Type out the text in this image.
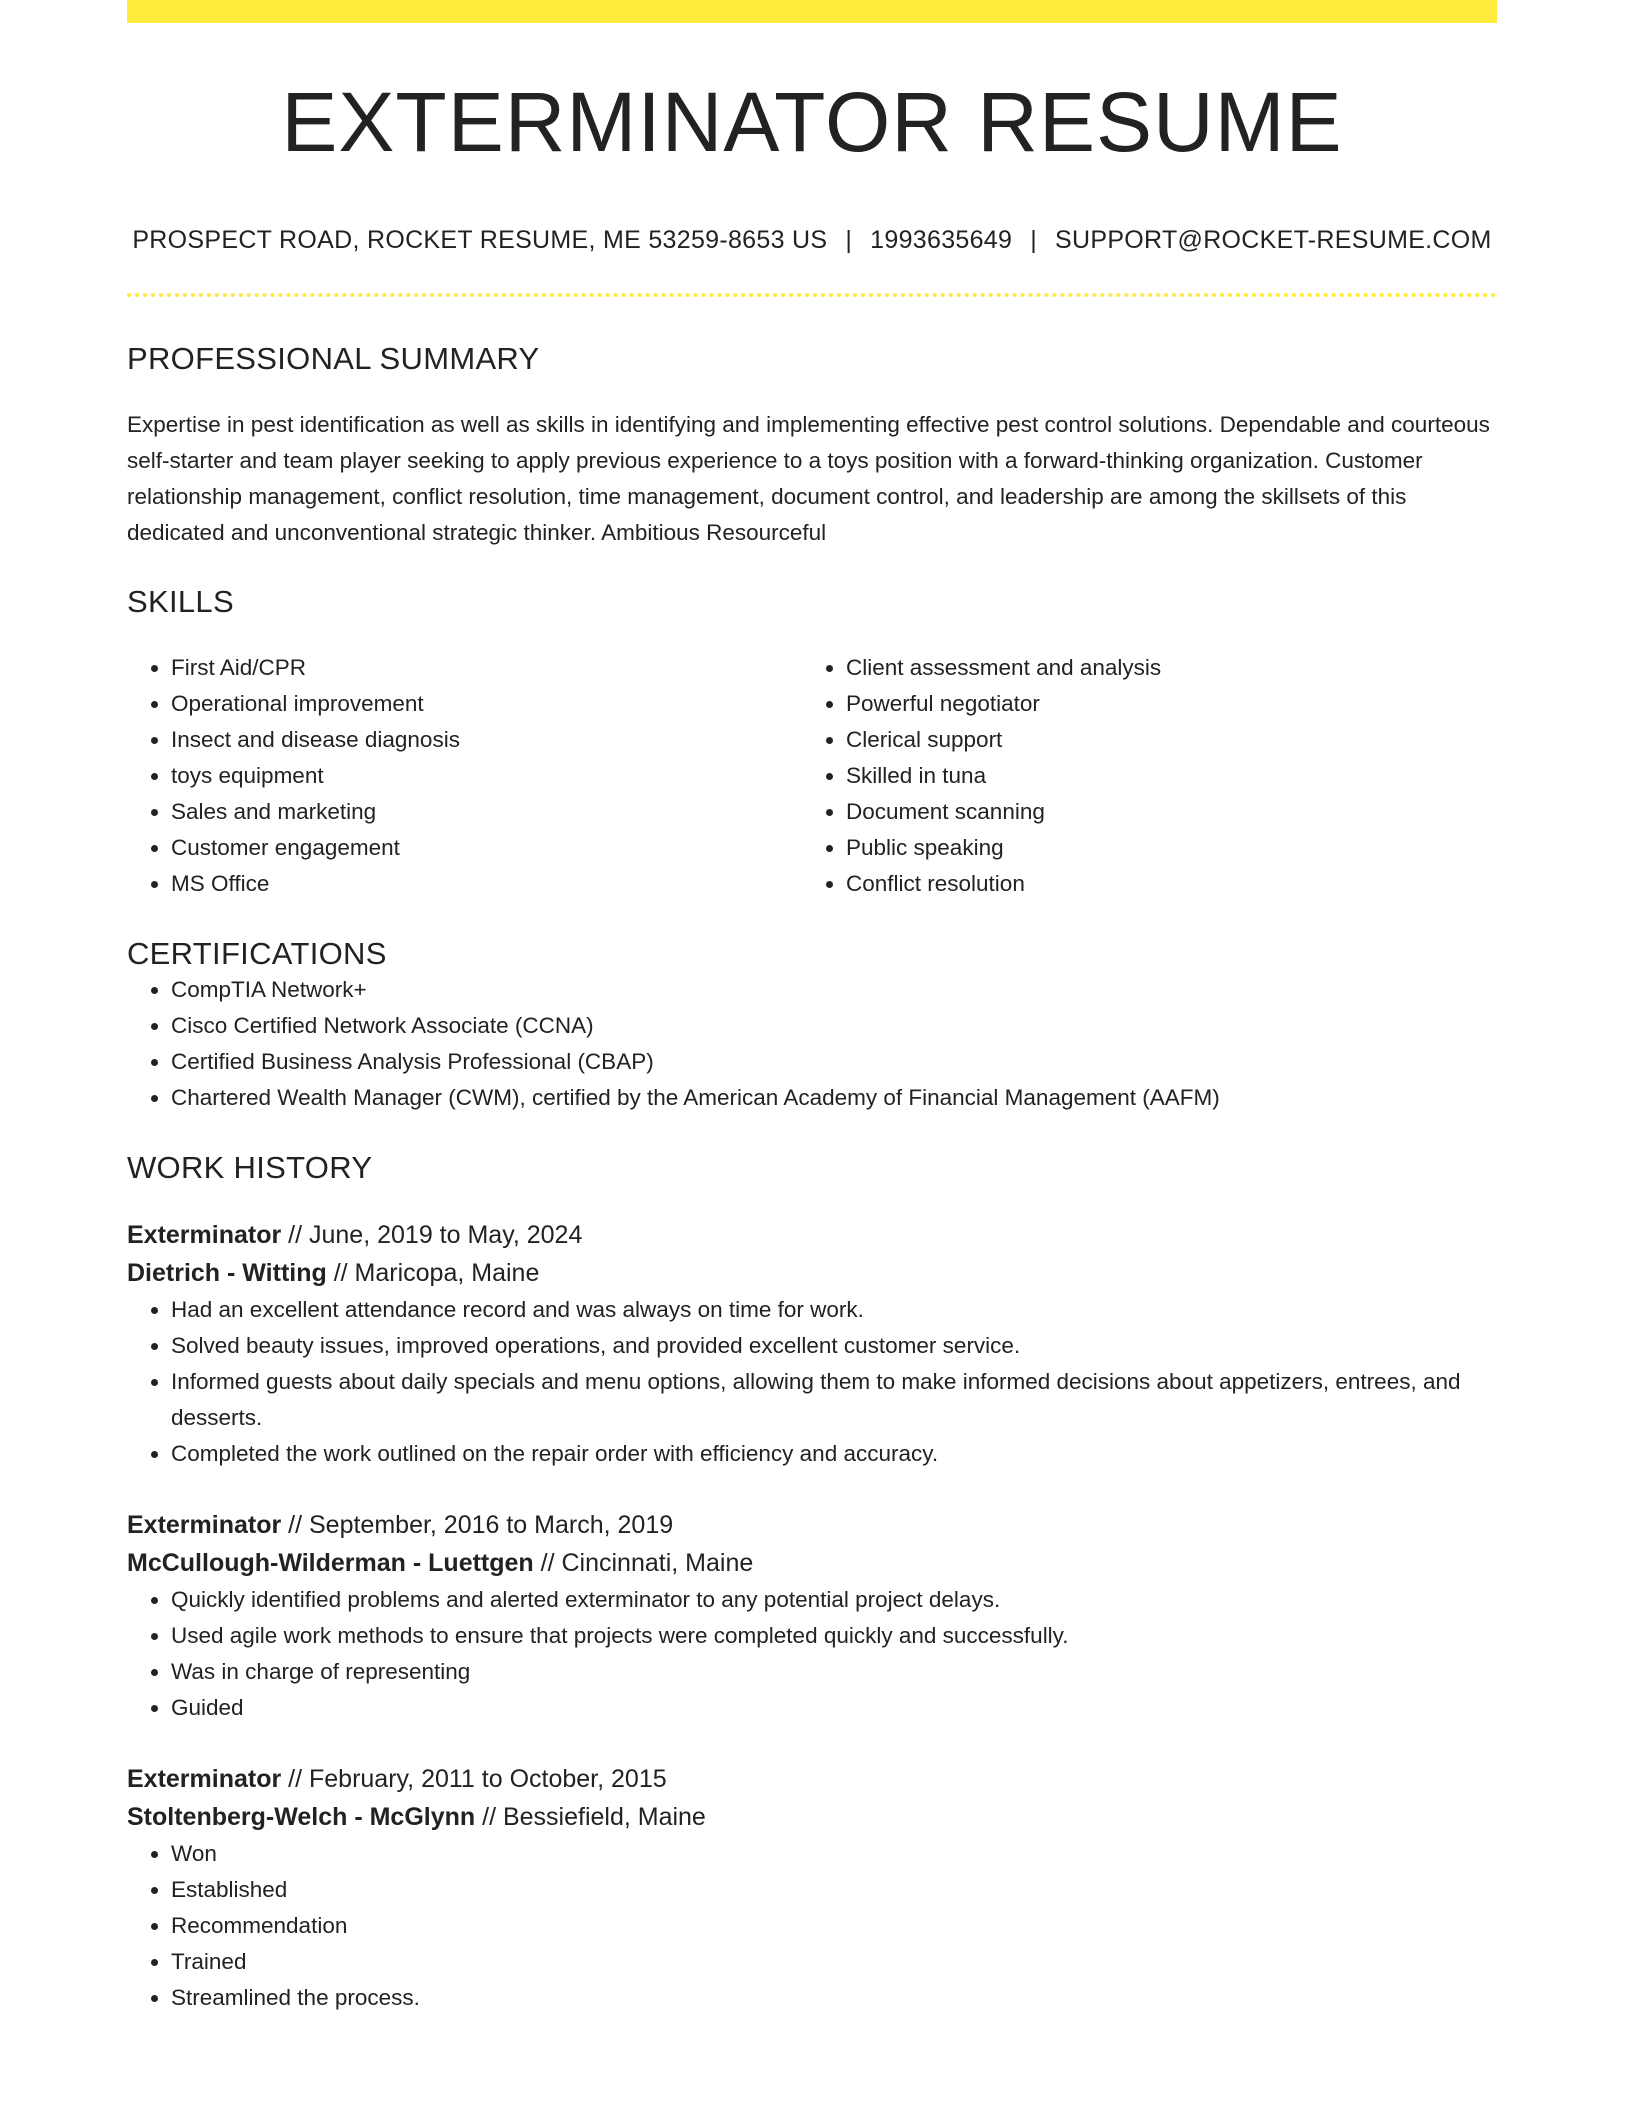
EXTERMINATOR RESUME
PROSPECT ROAD, ROCKET RESUME, ME 53259-8653 US | 1993635649 | SUPPORT@ROCKET-RESUME.COM
PROFESSIONAL SUMMARY

Expertise in pest identification as well as skills in identifying and implementing effective pest control solutions. Dependable and courteous self-starter and team player seeking to apply previous experience to a toys position with a forward-thinking organization. Customer relationship management, conflict resolution, time management, document control, and leadership are among the skillsets of this dedicated and unconventional strategic thinker. Ambitious Resourceful

SKILLS
• First Aid/CPR
• Operational improvement
• Insect and disease diagnosis
• toys equipment
• Sales and marketing
• Customer engagement
• MS Office
• Client assessment and analysis
• Powerful negotiator
• Clerical support
• Skilled in tuna
• Document scanning
• Public speaking
• Conflict resolution
CERTIFICATIONS
• CompTIA Network+
• Cisco Certified Network Associate (CCNA)
• Certified Business Analysis Professional (CBAP)
• Chartered Wealth Manager (CWM), certified by the American Academy of Financial Management (AAFM)
WORK HISTORY
Exterminator // June, 2019 to May, 2024
Dietrich - Witting // Maricopa, Maine
• Had an excellent attendance record and was always on time for work.
• Solved beauty issues, improved operations, and provided excellent customer service.
• Informed guests about daily specials and menu options, allowing them to make informed decisions about appetizers, entrees, and desserts.
• Completed the work outlined on the repair order with efficiency and accuracy.
Exterminator // September, 2016 to March, 2019
McCullough-Wilderman - Luettgen // Cincinnati, Maine
• Quickly identified problems and alerted exterminator to any potential project delays.
• Used agile work methods to ensure that projects were completed quickly and successfully.
• Was in charge of representing
• Guided
Exterminator // February, 2011 to October, 2015
Stoltenberg-Welch - McGlynn // Bessiefield, Maine
• Won
• Established
• Recommendation
• Trained
• Streamlined the process.
